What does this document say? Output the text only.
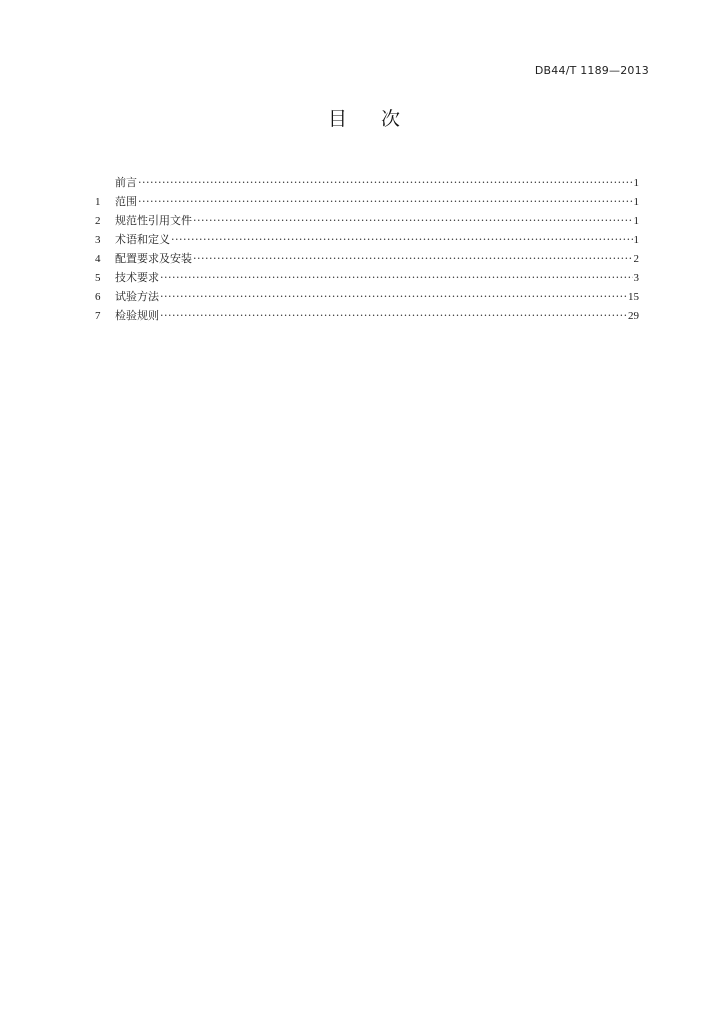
DB44/T 1189—2013
目 次
前言 ·····	1
1	范围 ·····	1
2	规范性引用文件 ·····	1
3	术语和定义 ·····	1
4	配置要求及安装 ·····	2
5	技术要求 ·····	3
6	试验方法 ·····	15
7	检验规则 ·····	29
